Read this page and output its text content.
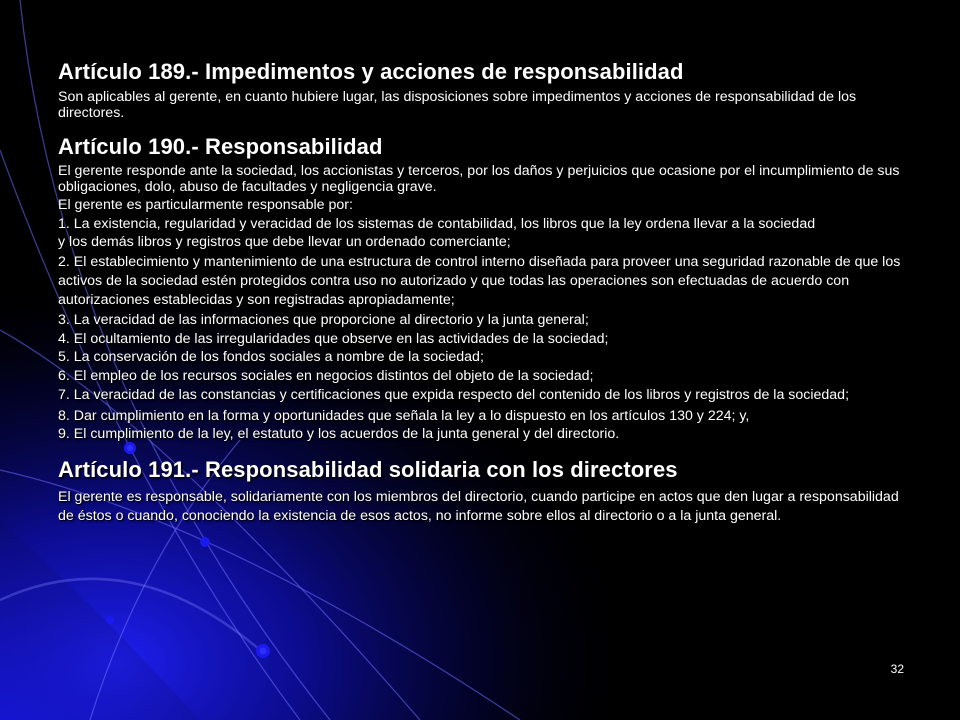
Artículo 189.- Impedimentos y acciones de responsabilidad

Son aplicables al gerente, en cuanto hubiere lugar, las disposiciones sobre impedimentos y acciones de responsabilidad de los directores.

Artículo 190.- Responsabilidad

El gerente responde ante la sociedad, los accionistas y terceros, por los daños y perjuicios que ocasione por el incumplimiento de sus obligaciones, dolo, abuso de facultades y negligencia grave.

El gerente es particularmente responsable por:

1. La existencia, regularidad y veracidad de los sistemas de contabilidad, los libros que la ley ordena llevar a la sociedad

y los demás libros y registros que debe llevar un ordenado comerciante;

2. El establecimiento y mantenimiento de una estructura de control interno diseñada para proveer una seguridad razonable de que los activos de la sociedad estén protegidos contra uso no autorizado y que todas las operaciones son efectuadas de acuerdo con autorizaciones establecidas y son registradas apropiadamente;

3. La veracidad de las informaciones que proporcione al directorio y la junta general;

4. El ocultamiento de las irregularidades que observe en las actividades de la sociedad;

5. La conservación de los fondos sociales a nombre de la sociedad;

6. El empleo de los recursos sociales en negocios distintos del objeto de la sociedad;

7. La veracidad de las constancias y certificaciones que expida respecto del contenido de los libros y registros de la sociedad;

8. Dar cumplimiento en la forma y oportunidades que señala la ley a lo dispuesto en los artículos 130 y 224; y,

9. El cumplimiento de la ley, el estatuto y los acuerdos de la junta general y del directorio.

Artículo 191.- Responsabilidad solidaria con los directores

El gerente es responsable, solidariamente con los miembros del directorio, cuando participe en actos que den lugar a responsabilidad de éstos o cuando, conociendo la existencia de esos actos, no informe sobre ellos al directorio o a la junta general.

32
